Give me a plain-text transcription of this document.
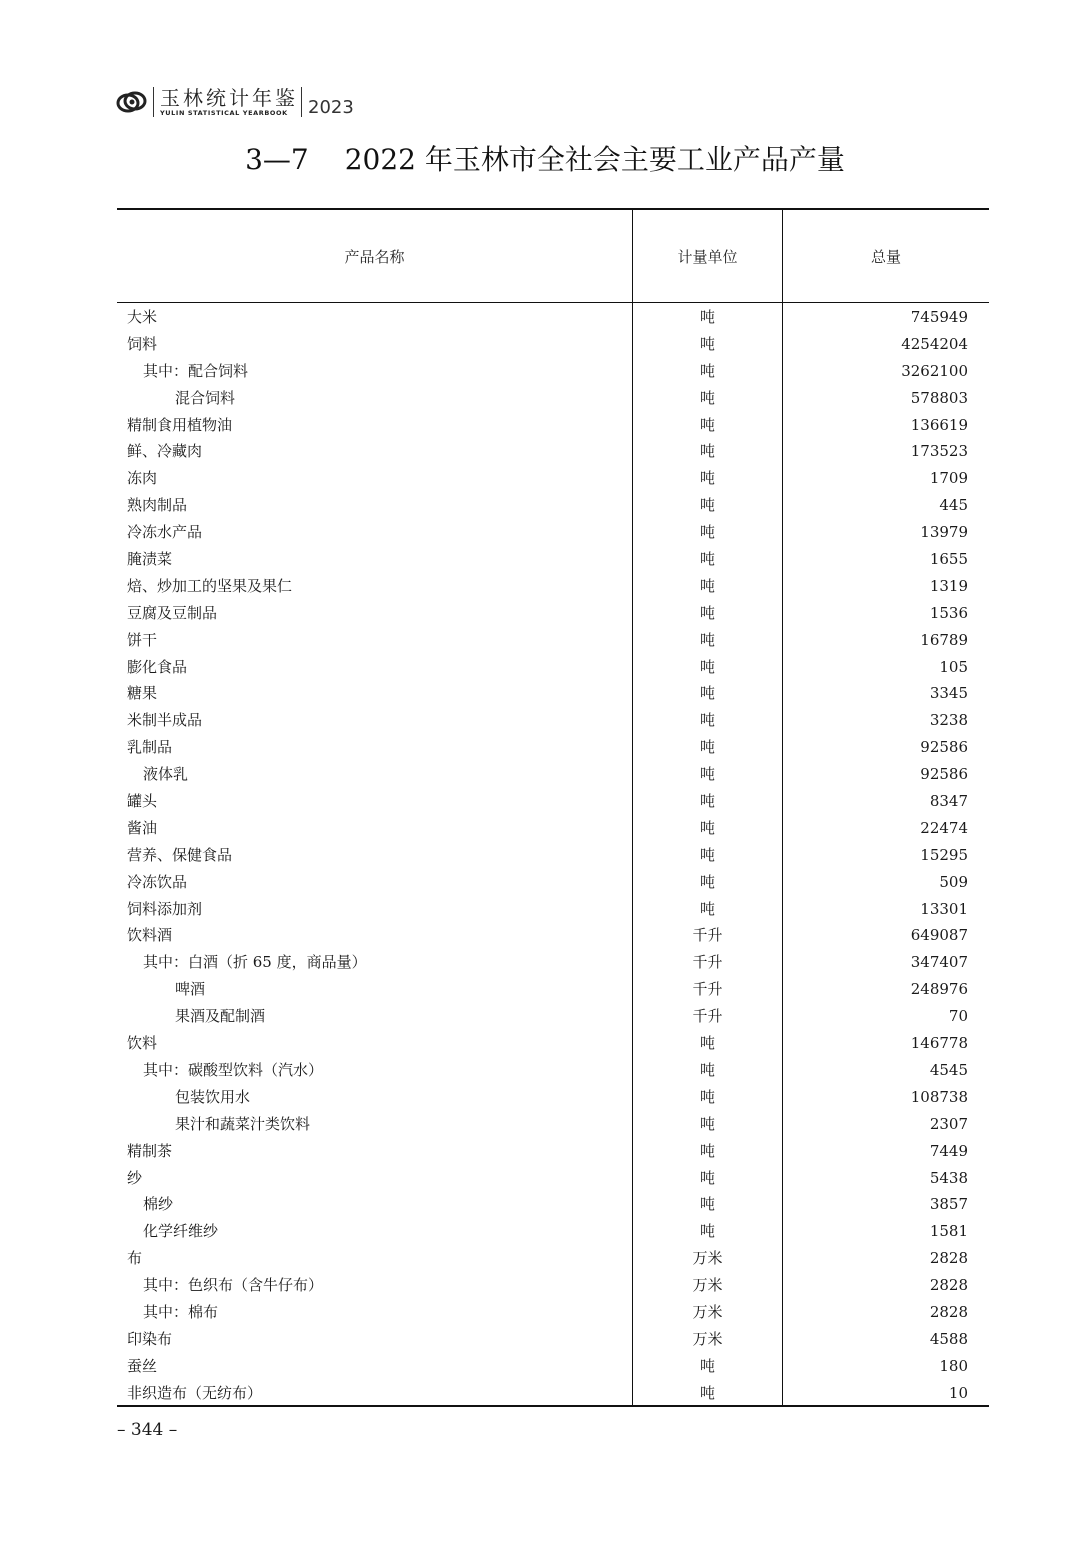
玉林统计年鉴
YULIN STATISTICAL YEARBOOK	2023
3—7 2022 年玉林市全社会主要工业产品产量
产品名称	计量单位	总量
大米	吨	745949
饲料	吨	4254204
其中：配合饲料	吨	3262100
混合饲料	吨	578803
精制食用植物油	吨	136619
鲜、冷藏肉	吨	173523
冻肉	吨	1709
熟肉制品	吨	445
冷冻水产品	吨	13979
腌渍菜	吨	1655
焙、炒加工的坚果及果仁	吨	1319
豆腐及豆制品	吨	1536
饼干	吨	16789
膨化食品	吨	105
糖果	吨	3345
米制半成品	吨	3238
乳制品	吨	92586
液体乳	吨	92586
罐头	吨	8347
酱油	吨	22474
营养、保健食品	吨	15295
冷冻饮品	吨	509
饲料添加剂	吨	13301
饮料酒	千升	649087
其中：白酒（折 65 度，商品量）	千升	347407
啤酒	千升	248976
果酒及配制酒	千升	70
饮料	吨	146778
其中：碳酸型饮料（汽水）	吨	4545
包装饮用水	吨	108738
果汁和蔬菜汁类饮料	吨	2307
精制茶	吨	7449
纱	吨	5438
棉纱	吨	3857
化学纤维纱	吨	1581
布	万米	2828
其中：色织布（含牛仔布）	万米	2828
其中：棉布	万米	2828
印染布	万米	4588
蚕丝	吨	180
非织造布（无纺布）	吨	10
– 344 –
